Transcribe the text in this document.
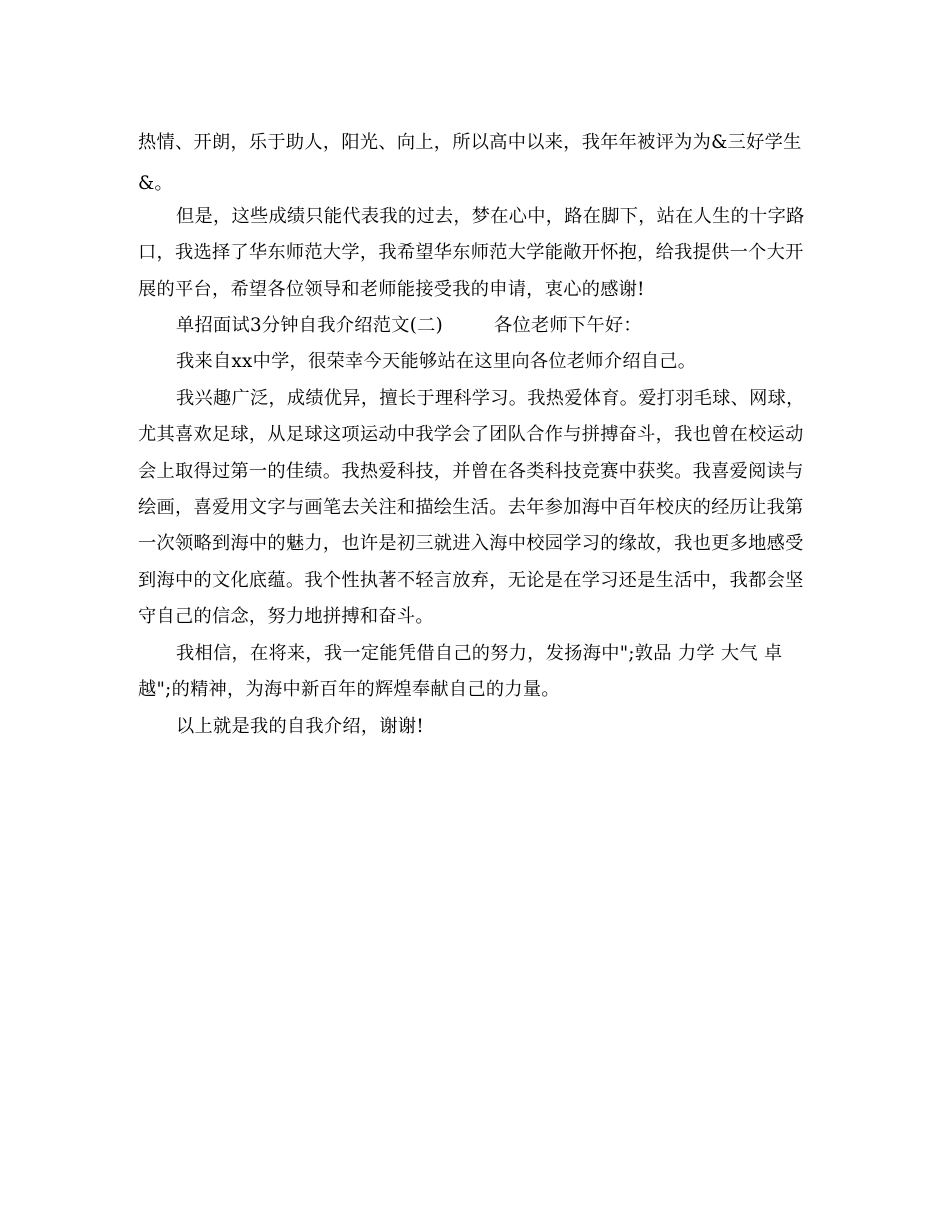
热情、开朗，乐于助人，阳光、向上，所以高中以来，我年年被评为为&三好学生
&。
但是，这些成绩只能代表我的过去，梦在心中，路在脚下，站在人生的十字路
口，我选择了华东师范大学，我希望华东师范大学能敞开怀抱，给我提供一个大开
展的平台，希望各位领导和老师能接受我的申请，衷心的感谢!
单招面试3分钟自我介绍范文(二)	各位老师下午好：
我来自xx中学，很荣幸今天能够站在这里向各位老师介绍自己。
我兴趣广泛，成绩优异，擅长于理科学习。我热爱体育。爱打羽毛球、网球，
尤其喜欢足球，从足球这项运动中我学会了团队合作与拼搏奋斗，我也曾在校运动
会上取得过第一的佳绩。我热爱科技，并曾在各类科技竞赛中获奖。我喜爱阅读与
绘画，喜爱用文字与画笔去关注和描绘生活。去年参加海中百年校庆的经历让我第
一次领略到海中的魅力，也许是初三就进入海中校园学习的缘故，我也更多地感受
到海中的文化底蕴。我个性执著不轻言放弃，无论是在学习还是生活中，我都会坚
守自己的信念，努力地拼搏和奋斗。
我相信，在将来，我一定能凭借自己的努力，发扬海中";敦品 力学 大气 卓
越";的精神，为海中新百年的辉煌奉献自己的力量。
以上就是我的自我介绍，谢谢!
